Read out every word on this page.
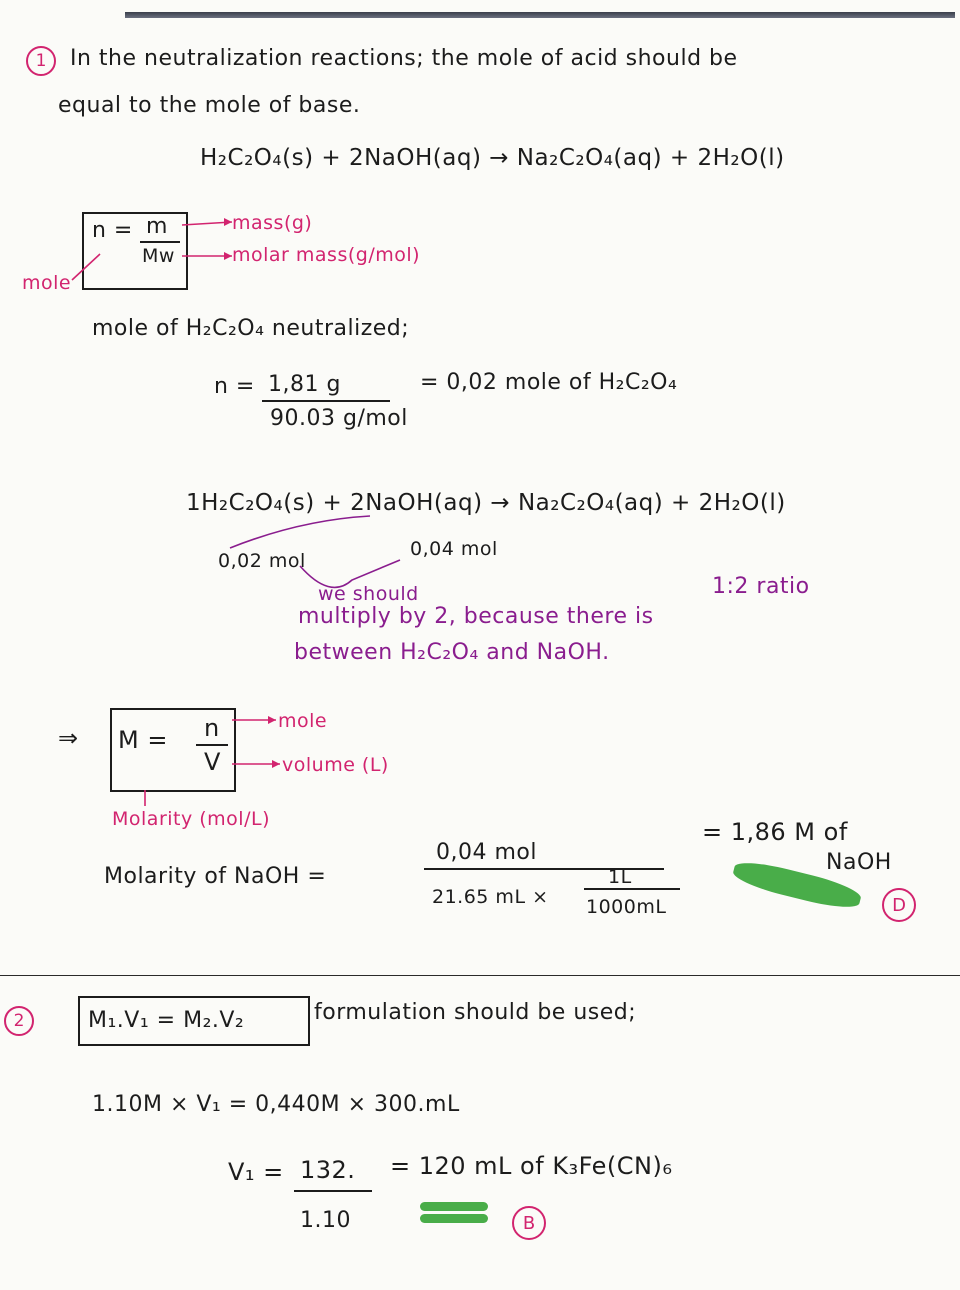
1	In the neutralization reactions; the mole of acid should be
equal to the mole of base.
H₂C₂O₄(s) + 2NaOH(aq) → Na₂C₂O₄(aq) + 2H₂O(l)
n = m
Mw
mass(g)
molar mass(g/mol)
mole
mole of H₂C₂O₄ neutralized;
n = 1,81 g
90.03 g/mol
= 0,02 mole of H₂C₂O₄
1H₂C₂O₄(s) + 2NaOH(aq) → Na₂C₂O₄(aq) + 2H₂O(l)
0,02 mol
0,04 mol
we should
multiply by 2, because there is
1:2 ratio
between H₂C₂O₄ and NaOH.
⇒ M = n
V
mole
volume (L)
Molarity (mol/L)
Molarity of NaOH =
0,04 mol
21.65 mL ×
1L
1000mL
= 1,86 M of
NaOH
D
2	M₁.V₁ = M₂.V₂	formulation should be used;
1.10M × V₁ = 0,440M × 300.mL
V₁ = 132.
1.10
= 120 mL of K₃Fe(CN)₆
B
